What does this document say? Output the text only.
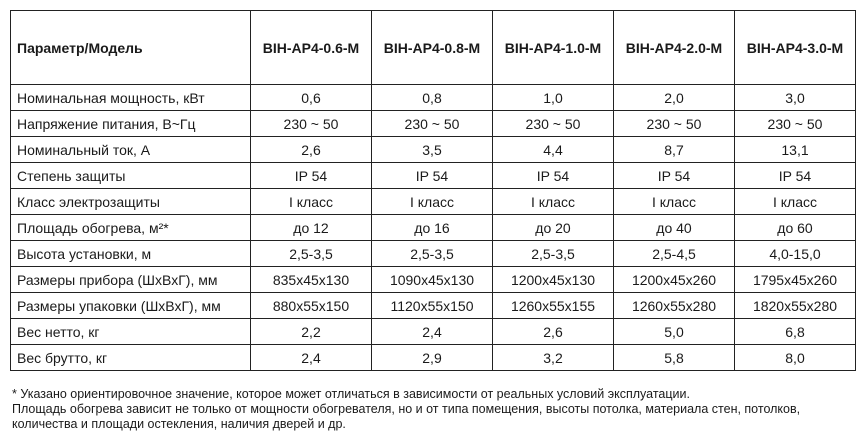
Параметр/Модель	BIH-AP4-0.6-M	BIH-AP4-0.8-M	BIH-AP4-1.0-M	BIH-AP4-2.0-M	BIH-AP4-3.0-M
Номинальная мощность, кВт	0,6	0,8	1,0	2,0	3,0
Напряжение питания, В~Гц	230 ~ 50	230 ~ 50	230 ~ 50	230 ~ 50	230 ~ 50
Номинальный ток, А	2,6	3,5	4,4	8,7	13,1
Степень защиты	IP 54	IP 54	IP 54	IP 54	IP 54
Класс электрозащиты	I класс	I класс	I класс	I класс	I класс
Площадь обогрева, м²*	до 12	до 16	до 20	до 40	до 60
Высота установки, м	2,5-3,5	2,5-3,5	2,5-3,5	2,5-4,5	4,0-15,0
Размеры прибора (ШхВхГ), мм	835x45x130	1090x45x130	1200x45x130	1200x45x260	1795x45x260
Размеры упаковки (ШхВхГ), мм	880x55x150	1120x55x150	1260x55x155	1260x55x280	1820x55x280
Вес нетто, кг	2,2	2,4	2,6	5,0	6,8
Вес брутто, кг	2,4	2,9	3,2	5,8	8,0

* Указано ориентировочное значение, которое может отличаться в зависимости от реальных условий эксплуатации.

Площадь обогрева зависит не только от мощности обогревателя, но и от типа помещения, высоты потолка, материала стен, потолков,

количества и площади остекления, наличия дверей и др.
